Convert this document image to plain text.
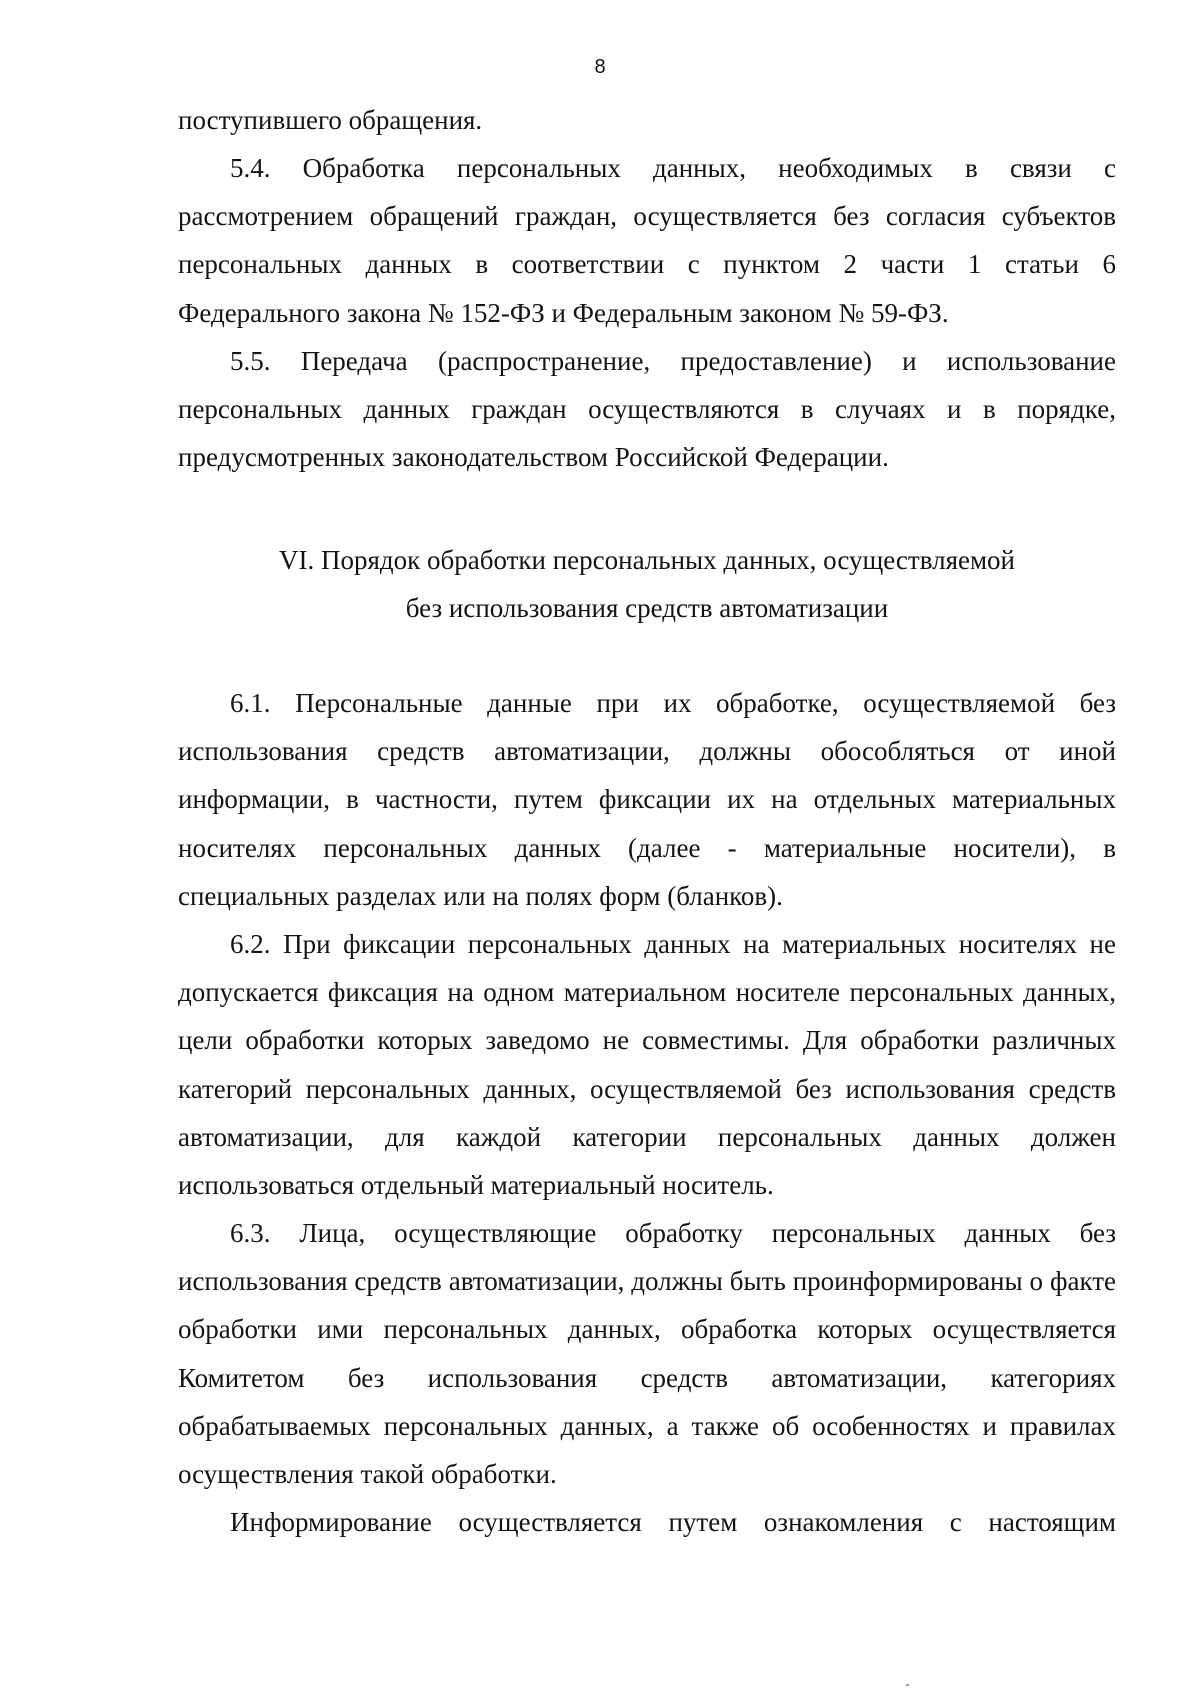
8

поступившего обращения.

5.4. Обработка персональных данных, необходимых в связи с рассмотрением обращений граждан, осуществляется без согласия субъектов персональных данных в соответствии с пунктом 2 части 1 статьи 6 Федерального закона № 152-ФЗ и Федеральным законом № 59-ФЗ.

5.5. Передача (распространение, предоставление) и использование персональных данных граждан осуществляются в случаях и в порядке, предусмотренных законодательством Российской Федерации.

VI. Порядок обработки персональных данных, осуществляемой
без использования средств автоматизации

6.1. Персональные данные при их обработке, осуществляемой без использования средств автоматизации, должны обособляться от иной информации, в частности, путем фиксации их на отдельных материальных носителях персональных данных (далее - материальные носители), в специальных разделах или на полях форм (бланков).

6.2. При фиксации персональных данных на материальных носителях не допускается фиксация на одном материальном носителе персональных данных, цели обработки которых заведомо не совместимы. Для обработки различных категорий персональных данных, осуществляемой без использования средств автоматизации, для каждой категории персональных данных должен использоваться отдельный материальный носитель.

6.3. Лица, осуществляющие обработку персональных данных без использования средств автоматизации, должны быть проинформированы о факте обработки ими персональных данных, обработка которых осуществляется Комитетом без использования средств автоматизации, категориях обрабатываемых персональных данных, а также об особенностях и правилах осуществления такой обработки.

Информирование осуществляется путем ознакомления с настоящим
